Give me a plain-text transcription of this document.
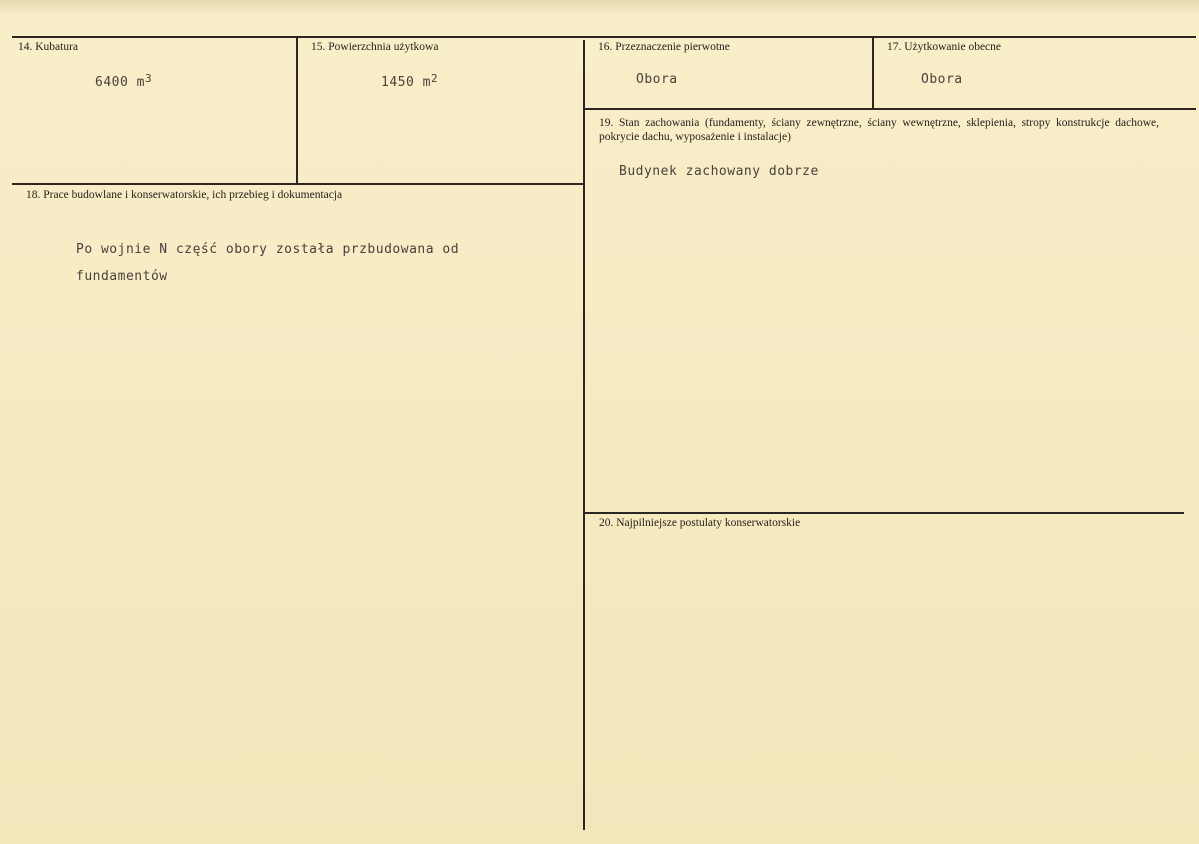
14. Kubatura
6400 $m^3$
15. Powierzchnia użytkowa
1450 $m^2$
16. Przeznaczenie pierwotne
Obora
17. Użytkowanie obecne
Obora
18. Prace budowlane i konserwatorskie, ich przebieg i dokumentacja
Po wojnie N część obory została przbudowana od
fundamentów
19. Stan zachowania (fundamenty, ściany zewnętrzne, ściany wewnętrzne, sklepienia, stropy konstrukcje dachowe, pokrycie dachu, wyposażenie i instalacje)
Budynek zachowany dobrze
20. Najpilniejsze postulaty konserwatorskie
